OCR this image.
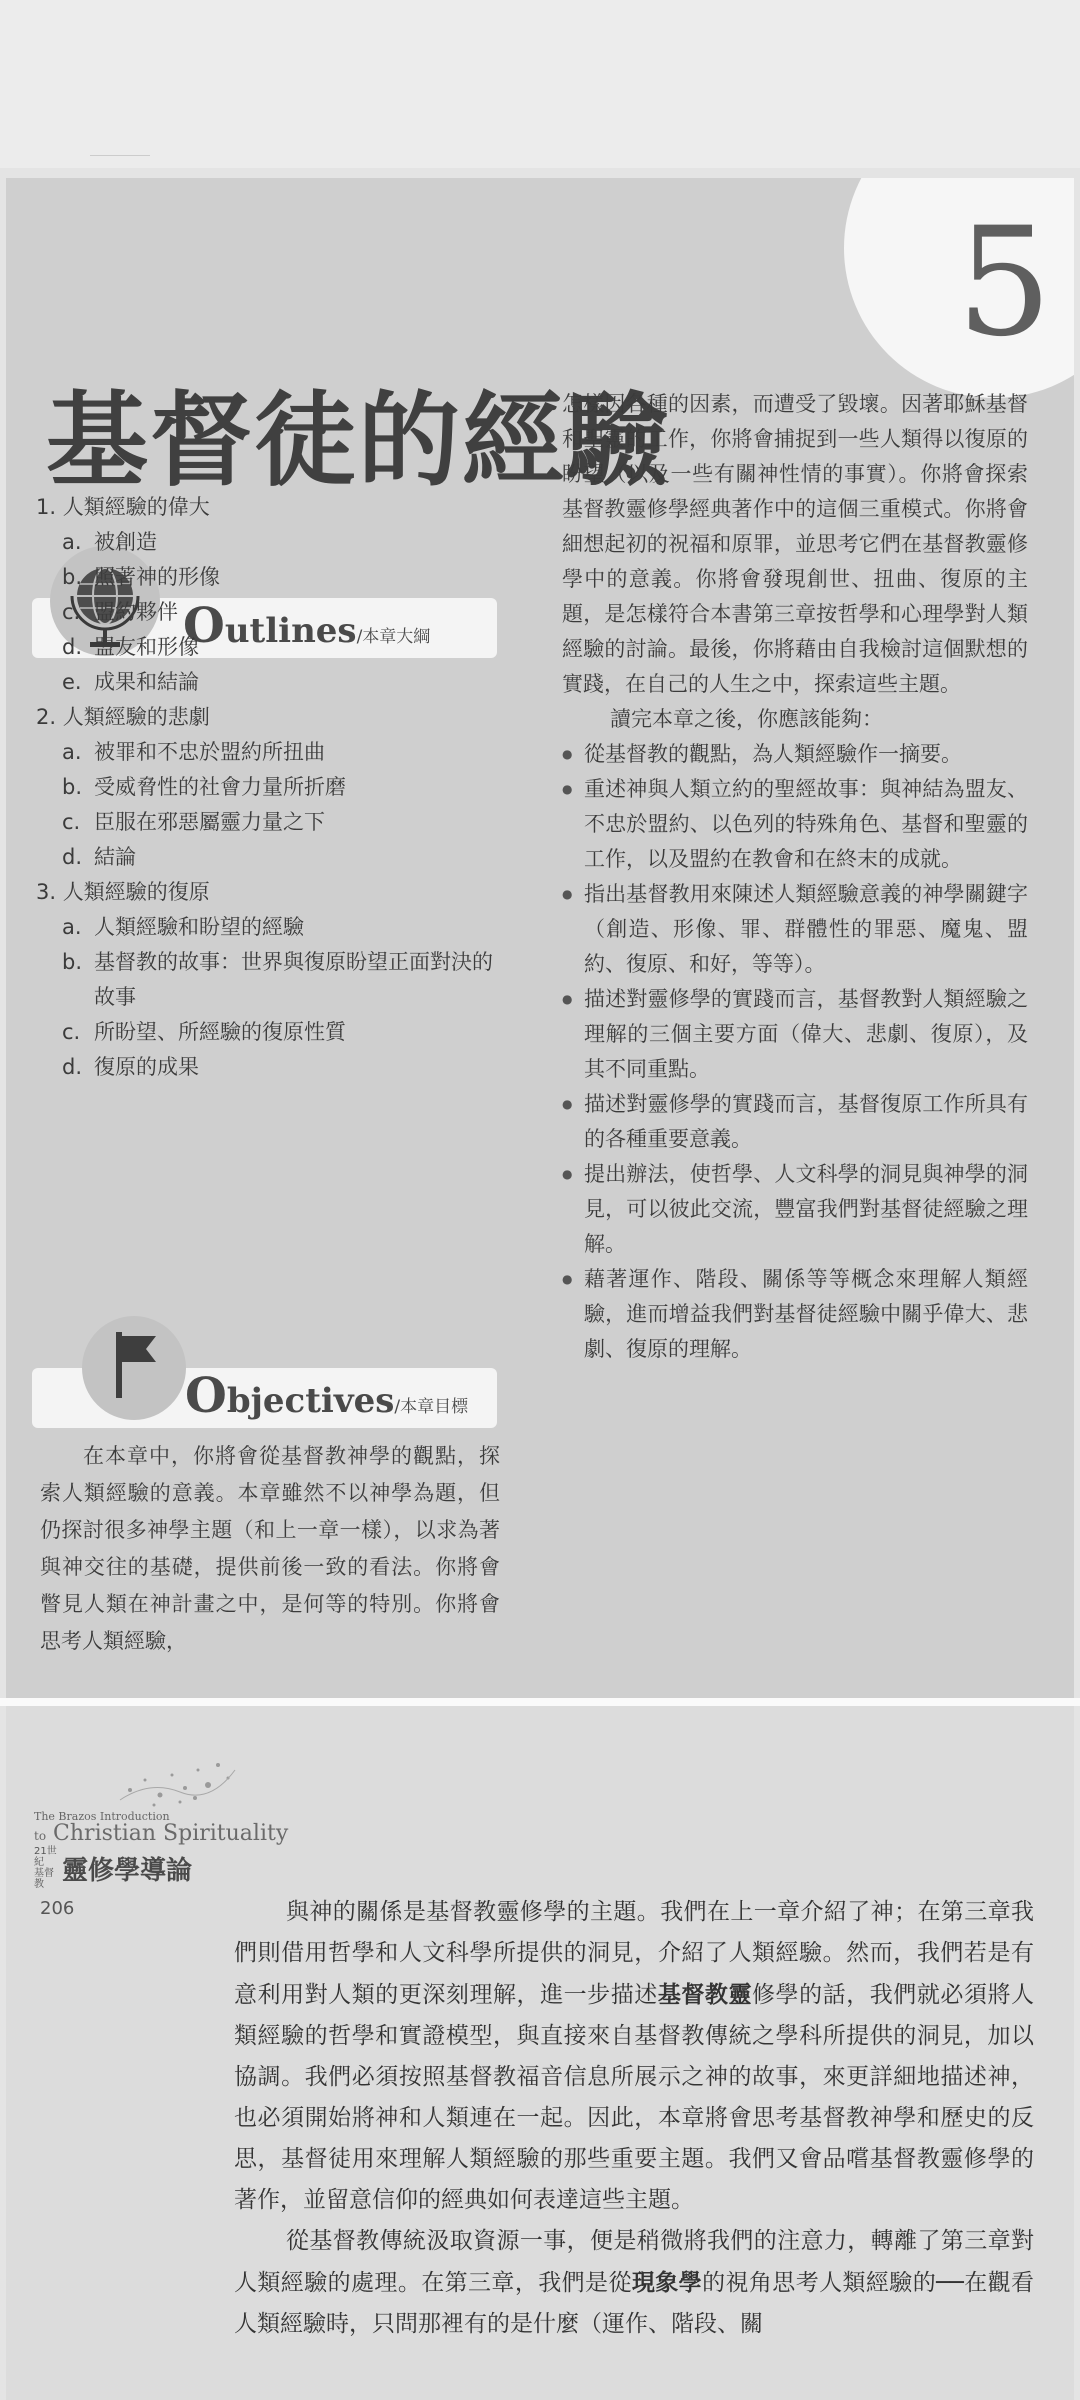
5
基督徒的經驗
Outlines/本章大綱
1. 人類經驗的偉大
a. 被創造
b. 照著神的形像
c. 盟約夥伴
d. 盟友和形像
e. 成果和結論
2. 人類經驗的悲劇
a. 被罪和不忠於盟約所扭曲
b. 受威脅性的社會力量所折磨
c. 臣服在邪惡屬靈力量之下
d. 結論
3. 人類經驗的復原
a. 人類經驗和盼望的經驗
b. 基督教的故事：世界與復原盼望正面對決的故事
c. 所盼望、所經驗的復原性質
d. 復原的成果
Objectives/本章目標
在本章中，你將會從基督教神學的觀點，探索人類經驗的意義。本章雖然不以神學為題，但仍探討很多神學主題（和上一章一樣），以求為著與神交往的基礎，提供前後一致的看法。你將會瞥見人類在神計畫之中，是何等的特別。你將會思考人類經驗，
怎樣因各種的因素，而遭受了毀壞。因著耶穌基督和聖靈的工作，你將會捕捉到一些人類得以復原的盼望（以及一些有關神性情的事實）。你將會探索基督教靈修學經典著作中的這個三重模式。你將會細想起初的祝福和原罪，並思考它們在基督教靈修學中的意義。你將會發現創世、扭曲、復原的主題，是怎樣符合本書第三章按哲學和心理學對人類經驗的討論。最後，你將藉由自我檢討這個默想的實踐，在自己的人生之中，探索這些主題。
讀完本章之後，你應該能夠：
● 從基督教的觀點，為人類經驗作一摘要。
● 重述神與人類立約的聖經故事：與神結為盟友、不忠於盟約、以色列的特殊角色、基督和聖靈的工作，以及盟約在教會和在終末的成就。
● 指出基督教用來陳述人類經驗意義的神學關鍵字（創造、形像、罪、群體性的罪惡、魔鬼、盟約、復原、和好，等等）。
● 描述對靈修學的實踐而言，基督教對人類經驗之理解的三個主要方面（偉大、悲劇、復原），及其不同重點。
● 描述對靈修學的實踐而言，基督復原工作所具有的各種重要意義。
● 提出辦法，使哲學、人文科學的洞見與神學的洞見，可以彼此交流，豐富我們對基督徒經驗之理解。
● 藉著運作、階段、關係等等概念來理解人類經驗，進而增益我們對基督徒經驗中關乎偉大、悲劇、復原的理解。
The Brazos Introduction
to Christian Spirituality
21世紀
基督教 靈修學導論
206	與神的關係是基督教靈修學的主題。我們在上一章介紹了神；在第三章我們則借用哲學和人文科學所提供的洞見，介紹了人類經驗。然而，我們若是有意利用對人類的更深刻理解，進一步描述基督教靈修學的話，我們就必須將人類經驗的哲學和實證模型，與直接來自基督教傳統之學科所提供的洞見，加以協調。我們必須按照基督教福音信息所展示之神的故事，來更詳細地描述神，也必須開始將神和人類連在一起。因此，本章將會思考基督教神學和歷史的反思，基督徒用來理解人類經驗的那些重要主題。我們又會品嚐基督教靈修學的著作，並留意信仰的經典如何表達這些主題。

從基督教傳統汲取資源一事，便是稍微將我們的注意力，轉離了第三章對人類經驗的處理。在第三章，我們是從現象學的視角思考人類經驗的──在觀看人類經驗時，只問那裡有的是什麼（運作、階段、關
